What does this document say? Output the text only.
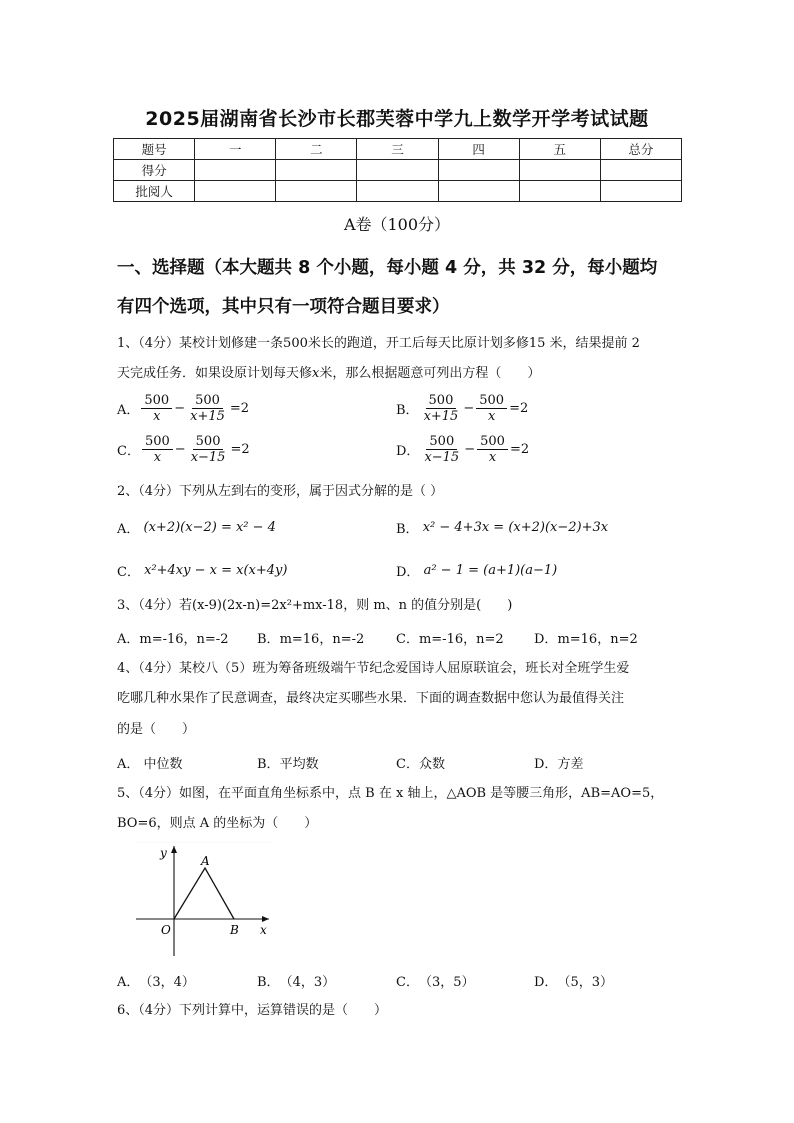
2025届湖南省长沙市长郡芙蓉中学九上数学开学考试试题
题号	一	二	三	四	五	总分
得分						
批阅人						
A卷（100分）
一、选择题（本大题共 8 个小题，每小题 4 分，共 32 分，每小题均
有四个选项，其中只有一项符合题目要求）
1、（4分）某校计划修建一条500米长的跑道，开工后每天比原计划多修15 米，结果提前 2
天完成任务．如果设原计划每天修x米，那么根据题意可列出方程（　　）
A． $\frac{500}{x} - \frac{500}{x+15} =2$	B． $\frac{500}{x+15} - \frac{500}{x} =2$
C． $\frac{500}{x} - \frac{500}{x-15} =2$	D． $\frac{500}{x-15} - \frac{500}{x} =2$
2、（4分）下列从左到右的变形，属于因式分解的是（ ）
A．
(x+2)(x−2) = x² − 4	B．
x² − 4+3x = (x+2)(x−2)+3x
C．
x²+4xy − x = x(x+4y)	D．
a² − 1 = (a+1)(a−1)
3、（4分）若(x-9)(2x-n)=2x²+mx-18，则 m、n 的值分别是(　　)
A． m=-16，n=-2 B． m=16，n=-2 C． m=-16，n=2 D． m=16，n=2
4、（4分）某校八（5）班为筹备班级端午节纪念爱国诗人屈原联谊会，班长对全班学生爱
吃哪几种水果作了民意调查，最终决定买哪些水果．下面的调查数据中您认为最值得关注
的是（　　）
A．
中位数	B． 平均数	C． 众数	D． 方差
5、（4分）如图，在平面直角坐标系中，点 B 在 x 轴上，△AOB 是等腰三角形，AB=AO=5，
BO=6，则点 A 的坐标为（　　）
y
x
A
O	B
A． （3，4）	B． （4，3）	C． （3，5）	D． （5，3）
6、（4分）下列计算中，运算错误的是（　　）
